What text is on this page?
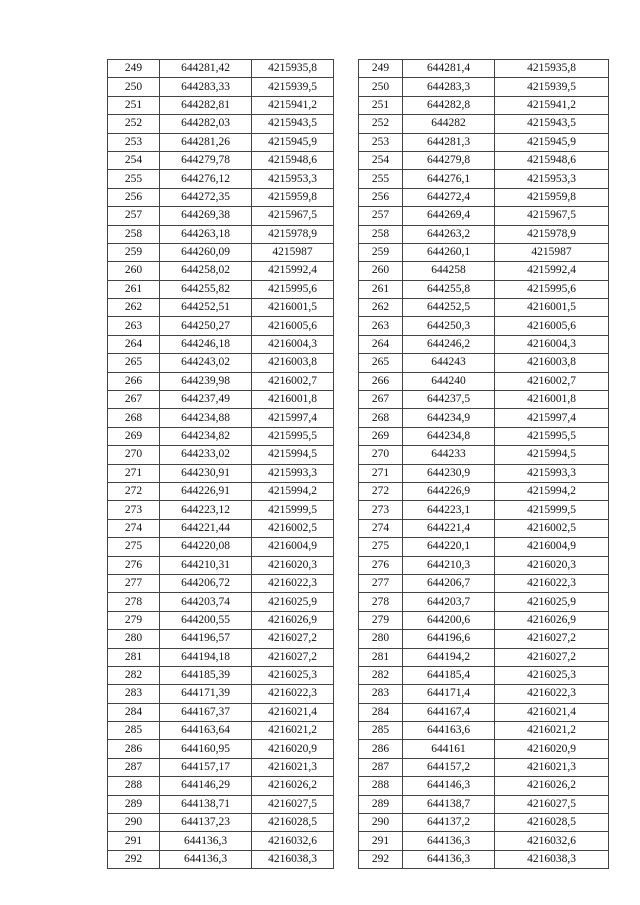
249	644281,42	4215935,8
250	644283,33	4215939,5
251	644282,81	4215941,2
252	644282,03	4215943,5
253	644281,26	4215945,9
254	644279,78	4215948,6
255	644276,12	4215953,3
256	644272,35	4215959,8
257	644269,38	4215967,5
258	644263,18	4215978,9
259	644260,09	4215987
260	644258,02	4215992,4
261	644255,82	4215995,6
262	644252,51	4216001,5
263	644250,27	4216005,6
264	644246,18	4216004,3
265	644243,02	4216003,8
266	644239,98	4216002,7
267	644237,49	4216001,8
268	644234,88	4215997,4
269	644234,82	4215995,5
270	644233,02	4215994,5
271	644230,91	4215993,3
272	644226,91	4215994,2
273	644223,12	4215999,5
274	644221,44	4216002,5
275	644220,08	4216004,9
276	644210,31	4216020,3
277	644206,72	4216022,3
278	644203,74	4216025,9
279	644200,55	4216026,9
280	644196,57	4216027,2
281	644194,18	4216027,2
282	644185,39	4216025,3
283	644171,39	4216022,3
284	644167,37	4216021,4
285	644163,64	4216021,2
286	644160,95	4216020,9
287	644157,17	4216021,3
288	644146,29	4216026,2
289	644138,71	4216027,5
290	644137,23	4216028,5
291	644136,3	4216032,6
292	644136,3	4216038,3
249	644281,4	4215935,8
250	644283,3	4215939,5
251	644282,8	4215941,2
252	644282	4215943,5
253	644281,3	4215945,9
254	644279,8	4215948,6
255	644276,1	4215953,3
256	644272,4	4215959,8
257	644269,4	4215967,5
258	644263,2	4215978,9
259	644260,1	4215987
260	644258	4215992,4
261	644255,8	4215995,6
262	644252,5	4216001,5
263	644250,3	4216005,6
264	644246,2	4216004,3
265	644243	4216003,8
266	644240	4216002,7
267	644237,5	4216001,8
268	644234,9	4215997,4
269	644234,8	4215995,5
270	644233	4215994,5
271	644230,9	4215993,3
272	644226,9	4215994,2
273	644223,1	4215999,5
274	644221,4	4216002,5
275	644220,1	4216004,9
276	644210,3	4216020,3
277	644206,7	4216022,3
278	644203,7	4216025,9
279	644200,6	4216026,9
280	644196,6	4216027,2
281	644194,2	4216027,2
282	644185,4	4216025,3
283	644171,4	4216022,3
284	644167,4	4216021,4
285	644163,6	4216021,2
286	644161	4216020,9
287	644157,2	4216021,3
288	644146,3	4216026,2
289	644138,7	4216027,5
290	644137,2	4216028,5
291	644136,3	4216032,6
292	644136,3	4216038,3
